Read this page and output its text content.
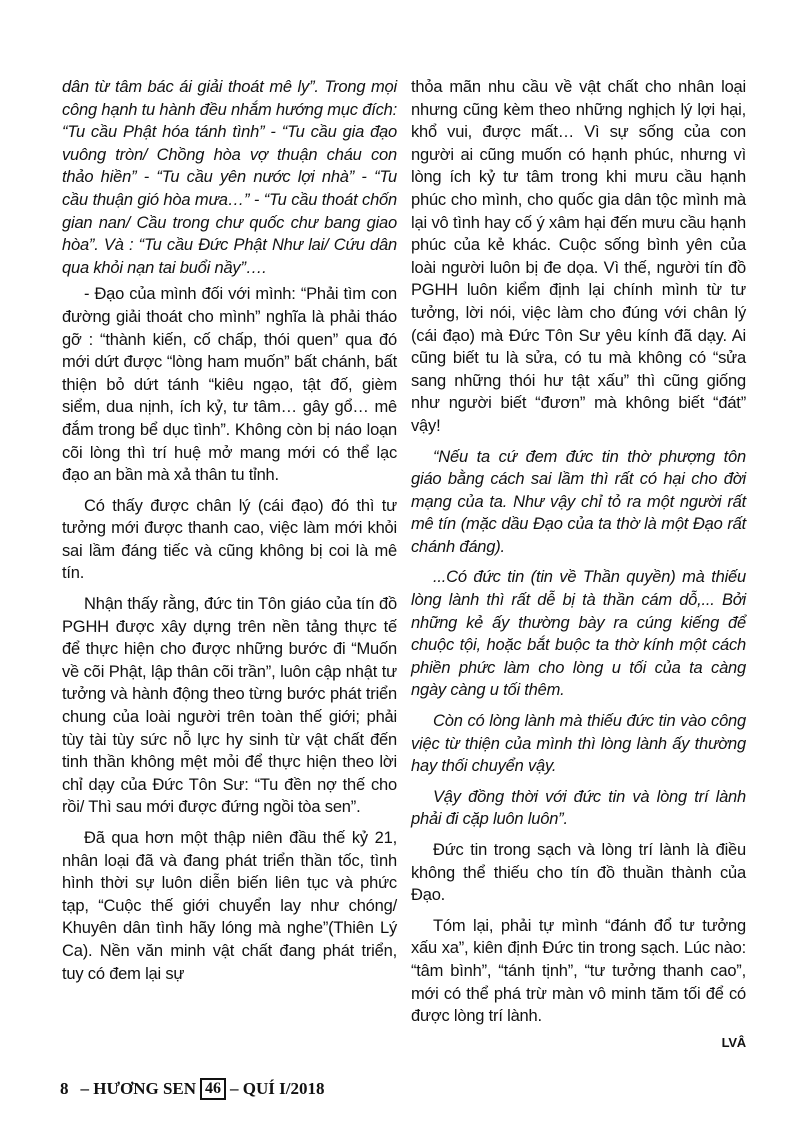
dân từ tâm bác ái giải thoát mê ly”. Trong mọi công hạnh tu hành đều nhắm hướng mục đích: “Tu cầu Phật hóa tánh tình” - “Tu cầu gia đạo vuông tròn/ Chồng hòa vợ thuận cháu con thảo hiền” - “Tu cầu yên nước lợi nhà” - “Tu cầu thuận gió hòa mưa…” - “Tu cầu thoát chốn gian nan/ Cầu trong chư quốc chư bang giao hòa”. Và : “Tu cầu Đức Phật Như lai/ Cứu dân qua khỏi nạn tai buổi nầy”….

- Đạo của mình đối với mình: “Phải tìm con đường giải thoát cho mình” nghĩa là phải tháo gỡ : “thành kiến, cố chấp, thói quen” qua đó mới dứt được “lòng ham muốn” bất chánh, bất thiện bỏ dứt tánh “kiêu ngạo, tật đố, gièm siểm, dua nịnh, ích kỷ, tư tâm… gây gổ… mê đắm trong bể dục tình”. Không còn bị náo loạn cõi lòng thì trí huệ mở mang mới có thể lạc đạo an bần mà xả thân tu tỉnh.

Có thấy được chân lý (cái đạo) đó thì tư tưởng mới được thanh cao, việc làm mới khỏi sai lầm đáng tiếc và cũng không bị coi là mê tín.

Nhận thấy rằng, đức tin Tôn giáo của tín đồ PGHH được xây dựng trên nền tảng thực tế để thực hiện cho được những bước đi “Muốn về cõi Phật, lập thân cõi trần”, luôn cập nhật tư tưởng và hành động theo từng bước phát triển chung của loài người trên toàn thế giới; phải tùy tài tùy sức nỗ lực hy sinh từ vật chất đến tinh thần không mệt mỏi để thực hiện theo lời chỉ dạy của Đức Tôn Sư: “Tu đền nợ thế cho rồi/ Thì sau mới được đứng ngồi tòa sen”.

Đã qua hơn một thập niên đầu thế kỷ 21, nhân loại đã và đang phát triển thần tốc, tình hình thời sự luôn diễn biến liên tục và phức tạp, “Cuộc thế giới chuyển lay như chóng/ Khuyên dân tình hãy lóng mà nghe”(Thiên Lý Ca). Nền văn minh vật chất đang phát triển, tuy có đem lại sự

thỏa mãn nhu cầu về vật chất cho nhân loại nhưng cũng kèm theo những nghịch lý lợi hại, khổ vui, được mất… Vì sự sống của con người ai cũng muốn có hạnh phúc, nhưng vì lòng ích kỷ tư tâm trong khi mưu cầu hạnh phúc cho mình, cho quốc gia dân tộc mình mà lại vô tình hay cố ý xâm hại đến mưu cầu hạnh phúc của kẻ khác. Cuộc sống bình yên của loài người luôn bị đe dọa. Vì thế, người tín đồ PGHH luôn kiểm định lại chính mình từ tư tưởng, lời nói, việc làm cho đúng với chân lý (cái đạo) mà Đức Tôn Sư yêu kính đã dạy. Ai cũng biết tu là sửa, có tu mà không có “sửa sang những thói hư tật xấu” thì cũng giống như người biết “đươn” mà không biết “đát” vậy!

“Nếu ta cứ đem đức tin thờ phượng tôn giáo bằng cách sai lầm thì rất có hại cho đời mạng của ta. Như vậy chỉ tỏ ra một người rất mê tín (mặc dầu Đạo của ta thờ là một Đạo rất chánh đáng).

...Có đức tin (tin về Thần quyền) mà thiếu lòng lành thì rất dễ bị tà thần cám dỗ,... Bởi những kẻ ấy thường bày ra cúng kiếng để chuộc tội, hoặc bắt buộc ta thờ kính một cách phiền phức làm cho lòng u tối của ta càng ngày càng u tối thêm.

Còn có lòng lành mà thiếu đức tin vào công việc từ thiện của mình thì lòng lành ấy thường hay thối chuyển vậy.

Vậy đồng thời với đức tin và lòng trí lành phải đi cặp luôn luôn”.

Đức tin trong sạch và lòng trí lành là điều không thể thiếu cho tín đồ thuần thành của Đạo.

Tóm lại, phải tự mình “đánh đổ tư tưởng xấu xa”, kiên định Đức tin trong sạch. Lúc nào: “tâm bình”, “tánh tịnh”, “tư tưởng thanh cao”, mới có thể phá trừ màn vô minh tăm tối để có được lòng trí lành.

LVÂ

8 – HƯƠNG SEN 46 – QUÍ I/2018
